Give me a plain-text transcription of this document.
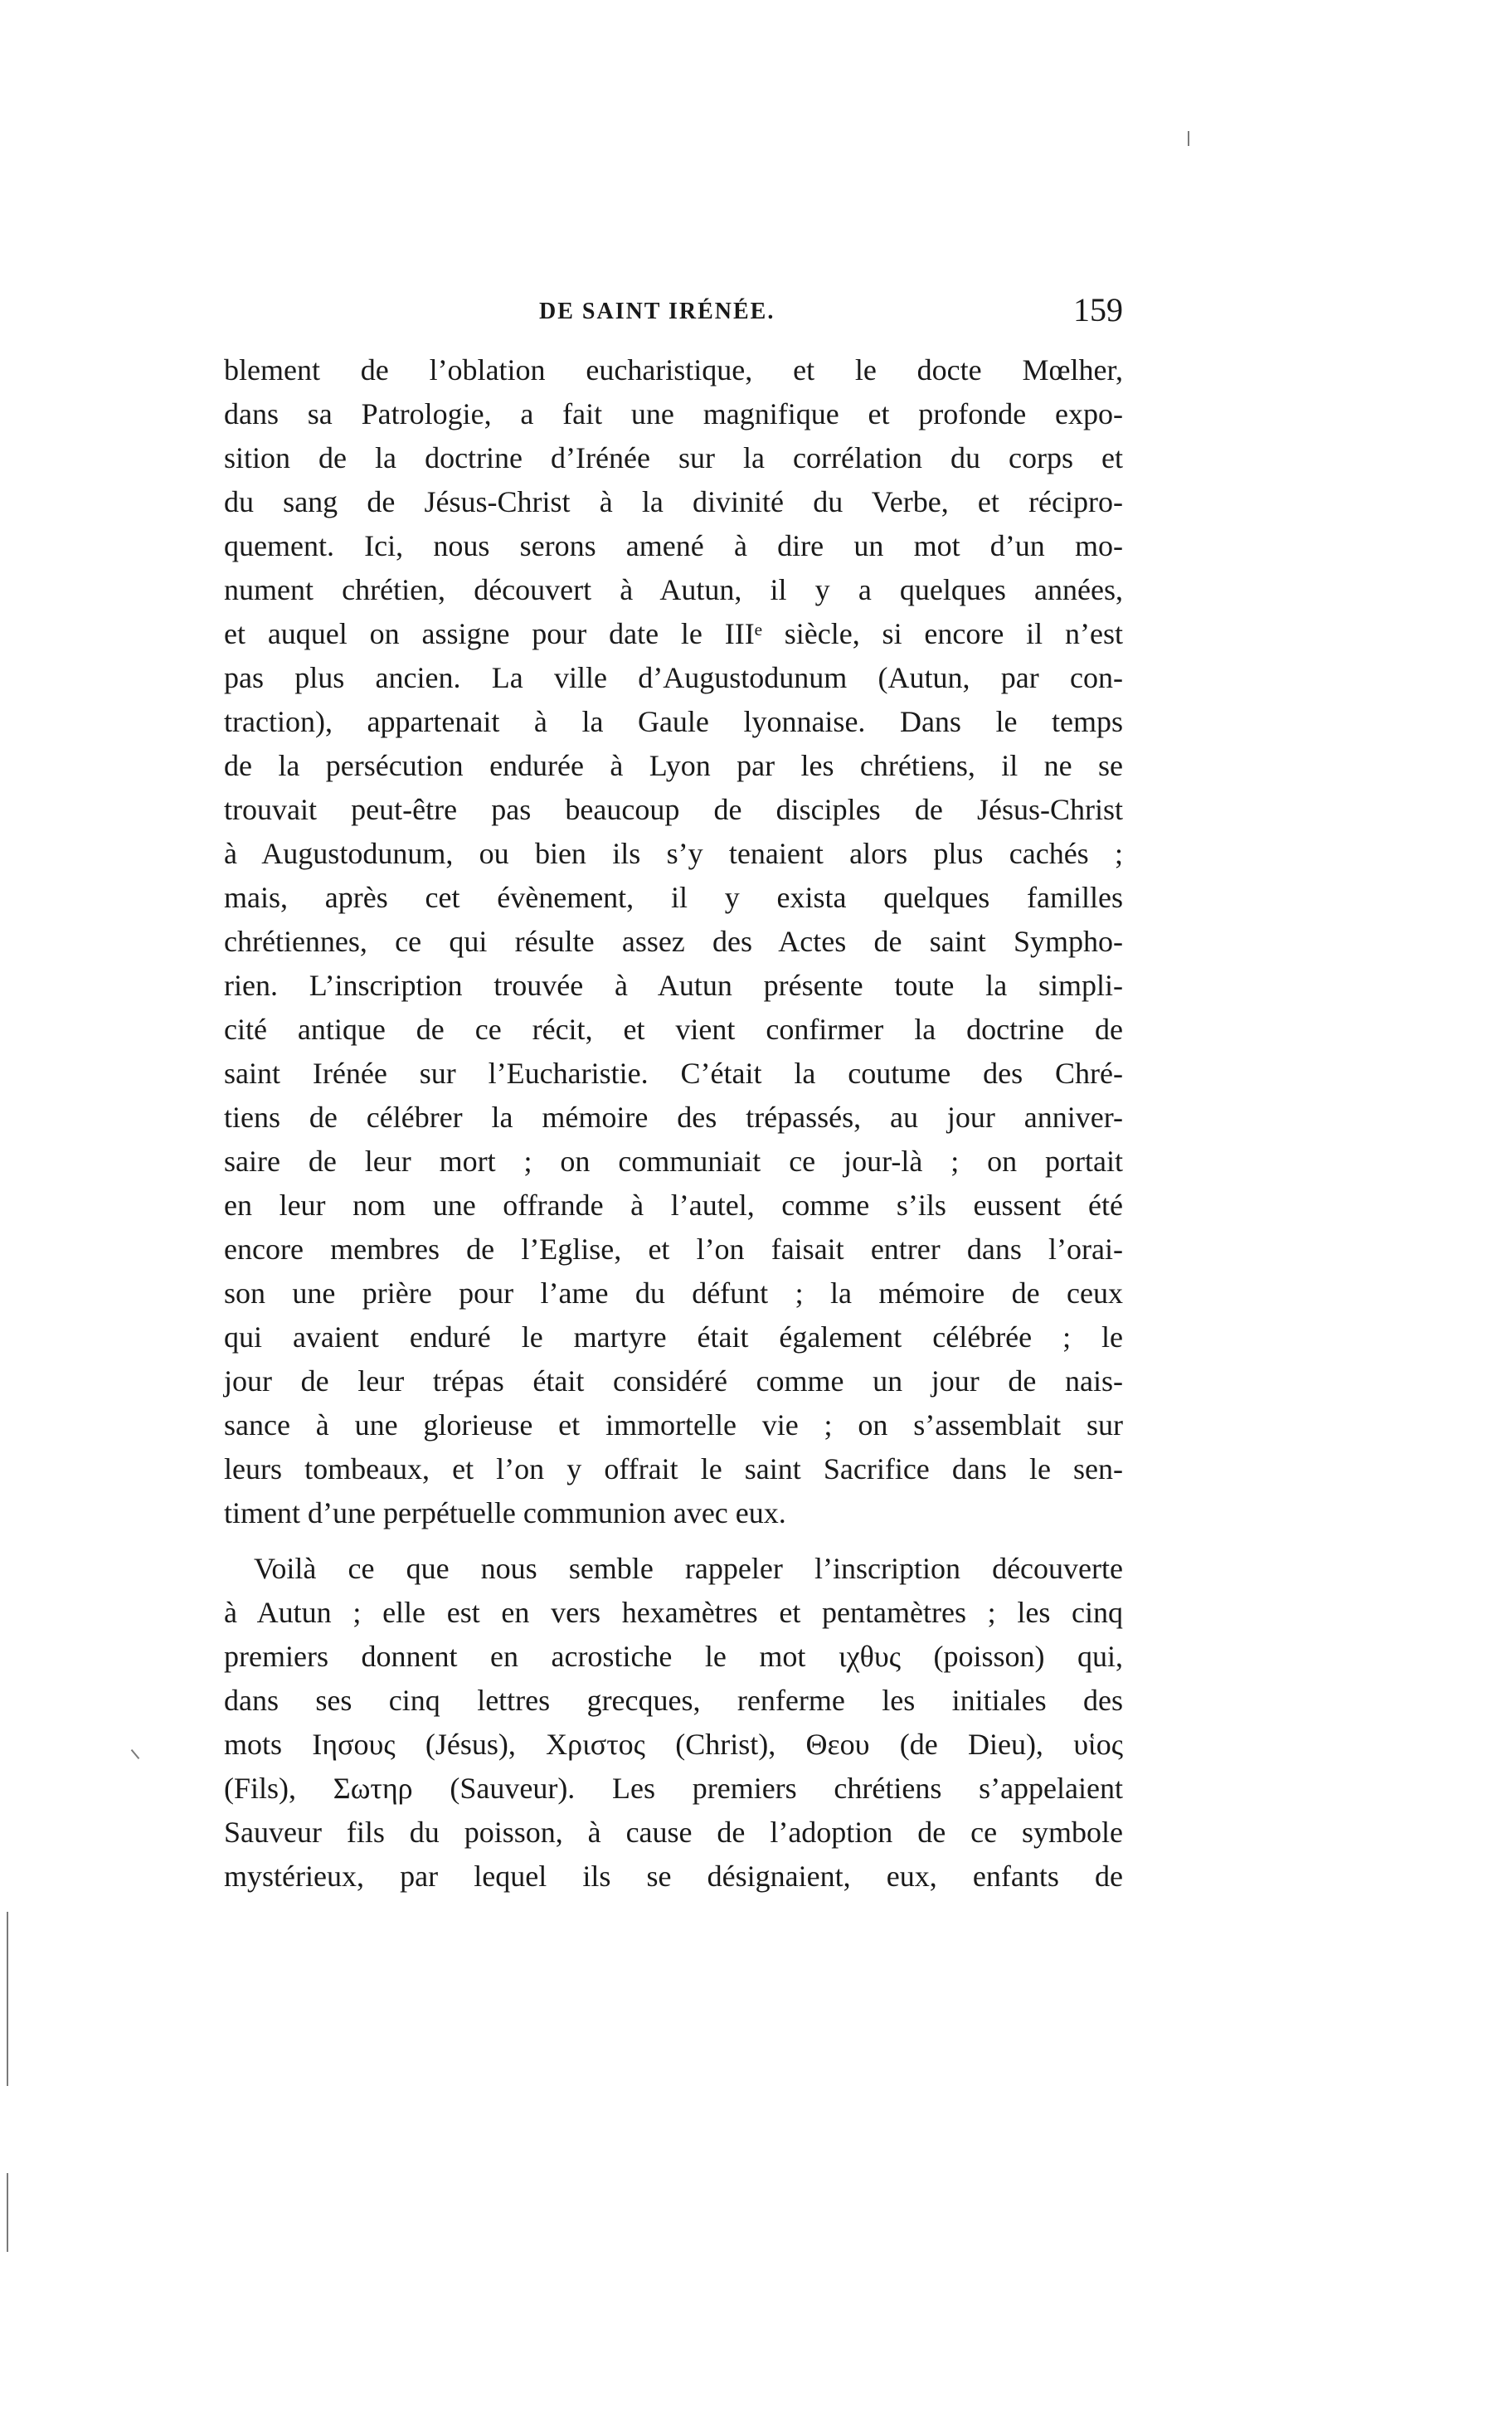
DE SAINT IRÉNÉE.	159
blement de l’oblation eucharistique, et le docte Mœlher,
dans sa Patrologie, a fait une magnifique et profonde expo-
sition de la doctrine d’Irénée sur la corrélation du corps et
du sang de Jésus-Christ à la divinité du Verbe, et récipro-
quement. Ici, nous serons amené à dire un mot d’un mo-
nument chrétien, découvert à Autun, il y a quelques années,
et auquel on assigne pour date le IIIᵉ siècle, si encore il n’est
pas plus ancien. La ville d’Augustodunum (Autun, par con-
traction), appartenait à la Gaule lyonnaise. Dans le temps
de la persécution endurée à Lyon par les chrétiens, il ne se
trouvait peut-être pas beaucoup de disciples de Jésus-Christ
à Augustodunum, ou bien ils s’y tenaient alors plus cachés ;
mais, après cet évènement, il y exista quelques familles
chrétiennes, ce qui résulte assez des Actes de saint Sympho-
rien. L’inscription trouvée à Autun présente toute la simpli-
cité antique de ce récit, et vient confirmer la doctrine de
saint Irénée sur l’Eucharistie. C’était la coutume des Chré-
tiens de célébrer la mémoire des trépassés, au jour anniver-
saire de leur mort ; on communiait ce jour-là ; on portait
en leur nom une offrande à l’autel, comme s’ils eussent été
encore membres de l’Eglise, et l’on faisait entrer dans l’orai-
son une prière pour l’ame du défunt ; la mémoire de ceux
qui avaient enduré le martyre était également célébrée ; le
jour de leur trépas était considéré comme un jour de nais-
sance à une glorieuse et immortelle vie ; on s’assemblait sur
leurs tombeaux, et l’on y offrait le saint Sacrifice dans le sen-
timent d’une perpétuelle communion avec eux.
Voilà ce que nous semble rappeler l’inscription découverte
à Autun ; elle est en vers hexamètres et pentamètres ; les cinq
premiers donnent en acrostiche le mot ιχθυς (poisson) qui,
dans ses cinq lettres grecques, renferme les initiales des
mots Ιησους (Jésus), Χριστος (Christ), Θεου (de Dieu), υἱος
(Fils), Σωτηρ (Sauveur). Les premiers chrétiens s’appelaient
Sauveur fils du poisson, à cause de l’adoption de ce symbole
mystérieux, par lequel ils se désignaient, eux, enfants de
